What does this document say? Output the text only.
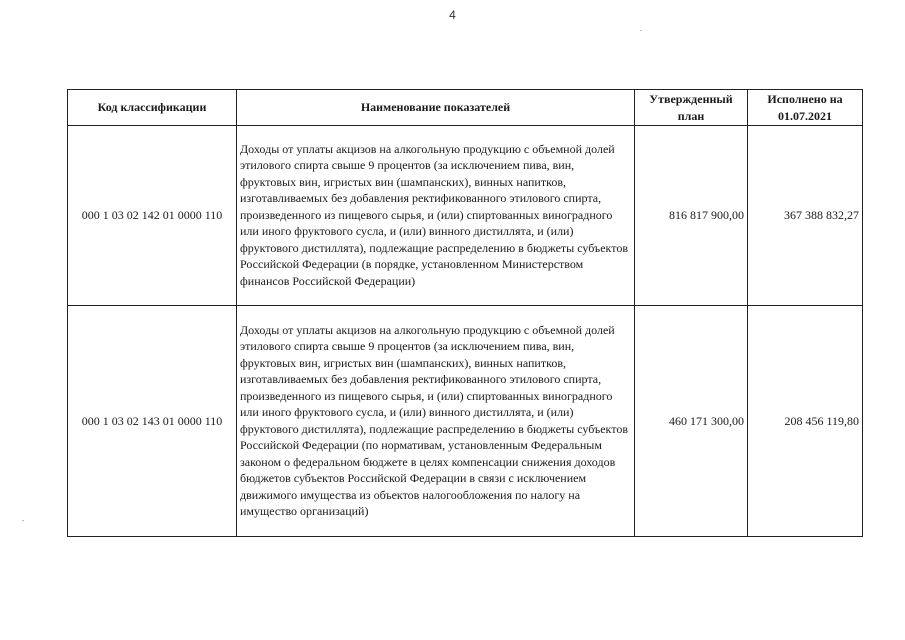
4
Код классификации	Наименование показателей	Утвержденный план	Исполнено на 01.07.2021
000 1 03 02 142 01 0000 110	Доходы от уплаты акцизов на алкогольную продукцию с объемной долей этилового спирта свыше 9 процентов (за исключением пива, вин, фруктовых вин, игристых вин (шампанских), винных напитков, изготавливаемых без добавления ректификованного этилового спирта, произведенного из пищевого сырья, и (или) спиртованных виноградного или иного фруктового сусла, и (или) винного дистиллята, и (или) фруктового дистиллята), подлежащие распределению в бюджеты субъектов Российской Федерации (в порядке, установленном Министерством финансов Российской Федерации)	816 817 900,00	367 388 832,27
000 1 03 02 143 01 0000 110	Доходы от уплаты акцизов на алкогольную продукцию с объемной долей этилового спирта свыше 9 процентов (за исключением пива, вин, фруктовых вин, игристых вин (шампанских), винных напитков, изготавливаемых без добавления ректификованного этилового спирта, произведенного из пищевого сырья, и (или) спиртованных виноградного или иного фруктового сусла, и (или) винного дистиллята, и (или) фруктового дистиллята), подлежащие распределению в бюджеты субъектов Российской Федерации (по нормативам, установленным Федеральным законом о федеральном бюджете в целях компенсации снижения доходов бюджетов субъектов Российской Федерации в связи с исключением движимого имущества из объектов налогообложения по налогу на имущество организаций)	460 171 300,00	208 456 119,80
